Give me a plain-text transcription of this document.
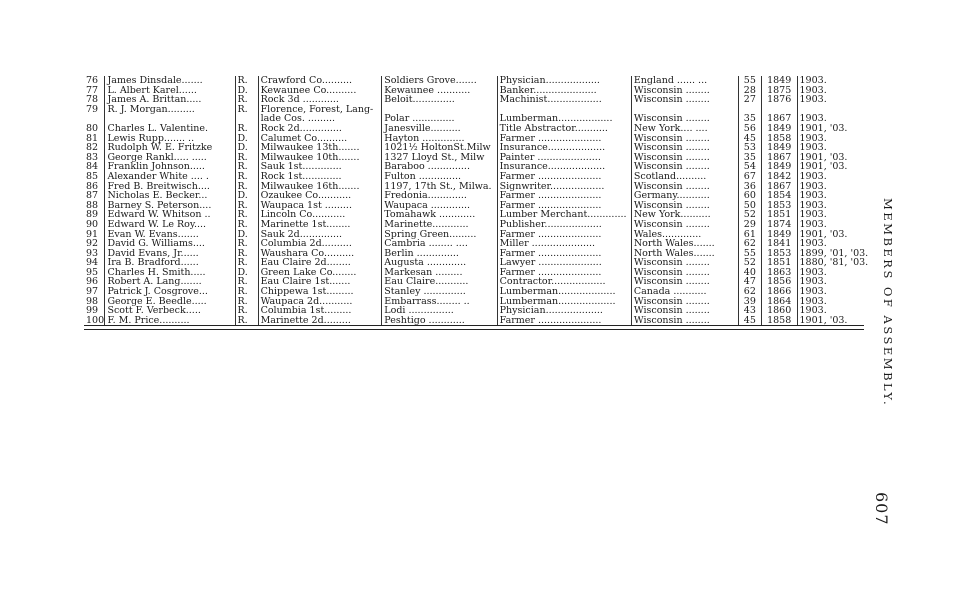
76	James Dinsdale.......	R.	Crawford Co..........	Soldiers Grove.......	Physician..................	England ...... ...	55	1849	1903.
77	L. Albert Karel......	D.	Kewaunee Co..........	Kewaunee ...........	Banker.....................	Wisconsin ........	28	1875	1903.
78	James A. Brittan.....	R.	Rock 3d ............	Beloit..............	Machinist..................	Wisconsin ........	27	1876	1903.
79	R. J. Morgan.........	R.	Florence, Forest, Lang-						
			lade Cos. .........	Polar ..............	Lumberman..................	Wisconsin ........	35	1867	1903.
80	Charles L. Valentine.	R.	Rock 2d..............	Janesville..........	Title Abstractor...........	New York.... ....	56	1849	1901, '03.
81	Lewis Rupp....... ..	D.	Calumet Co..........	Hayton ..............	Farmer .....................	Wisconsin ........	45	1858	1903.
82	Rudolph W. E. Fritzke	D.	Milwaukee 13th.......	1021½ HoltonSt.Milw	Insurance...................	Wisconsin ........	53	1849	1903.
83	George Rankl..... .....	R.	Milwaukee 10th.......	1327 Lloyd St., Milw	Painter .....................	Wisconsin ........	35	1867	1901, '03.
84	Franklin Johnson.....	R.	Sauk 1st.............	Baraboo ..............	Insurance...................	Wisconsin ........	54	1849	1901, '03.
85	Alexander White .... .	R.	Rock 1st.............	Fulton ..............	Farmer .....................	Scotland..........	67	1842	1903.
86	Fred B. Breitwisch....	R.	Milwaukee 16th.......	1197, 17th St., Milwa.	Signwriter..................	Wisconsin ........	36	1867	1903.
87	Nicholas E. Becker...	D.	Ozaukee Co...........	Fredonia.............	Farmer .....................	Germany...........	60	1854	1903.
88	Barney S. Peterson....	R.	Waupaca 1st .........	Waupaca .............	Farmer .....................	Wisconsin ........	50	1853	1903.
89	Edward W. Whitson ..	R.	Lincoln Co...........	Tomahawk ............	Lumber Merchant.............	New York..........	52	1851	1903.
90	Edward W. Le Roy....	R.	Marinette 1st........	Marinette............	Publisher...................	Wisconsin ........	29	1874	1903.
91	Evan W. Evans.......	D.	Sauk 2d..............	Spring Green.........	Farmer .....................	Wales.............	61	1849	1901, '03.
92	David G. Williams....	R.	Columbia 2d..........	Cambria ........ ....	Miller .....................	North Wales.......	62	1841	1903.
93	David Evans, Jr......	R.	Waushara Co..........	Berlin ..............	Farmer .....................	North Wales.......	55	1853	1899, '01, '03.
94	Ira B. Bradford......	R.	Eau Claire 2d........	Augusta .............	Lawyer .....................	Wisconsin ........	52	1851	1880, '81, '03.
95	Charles H. Smith.....	D.	Green Lake Co........	Markesan .........	Farmer .....................	Wisconsin ........	40	1863	1903.
96	Robert A. Lang.......	R.	Eau Claire 1st.......	Eau Claire...........	Contractor..................	Wisconsin ........	47	1856	1903.
97	Patrick J. Cosgrove...	R.	Chippewa 1st.........	Stanley ..............	Lumberman...................	Canada ...........	62	1866	1903.
98	George E. Beedle.....	R.	Waupaca 2d...........	Embarrass........ ..	Lumberman...................	Wisconsin ........	39	1864	1903.
99	Scott F. Verbeck.....	R.	Columbia 1st.........	Lodi ...............	Physician...................	Wisconsin ........	43	1860	1903.
100	F. M. Price..........	R.	Marinette 2d.........	Peshtigo ............	Farmer .....................	Wisconsin ........	45	1858	1901, '03.	MEMBERS OF ASSEMBLY.
607
